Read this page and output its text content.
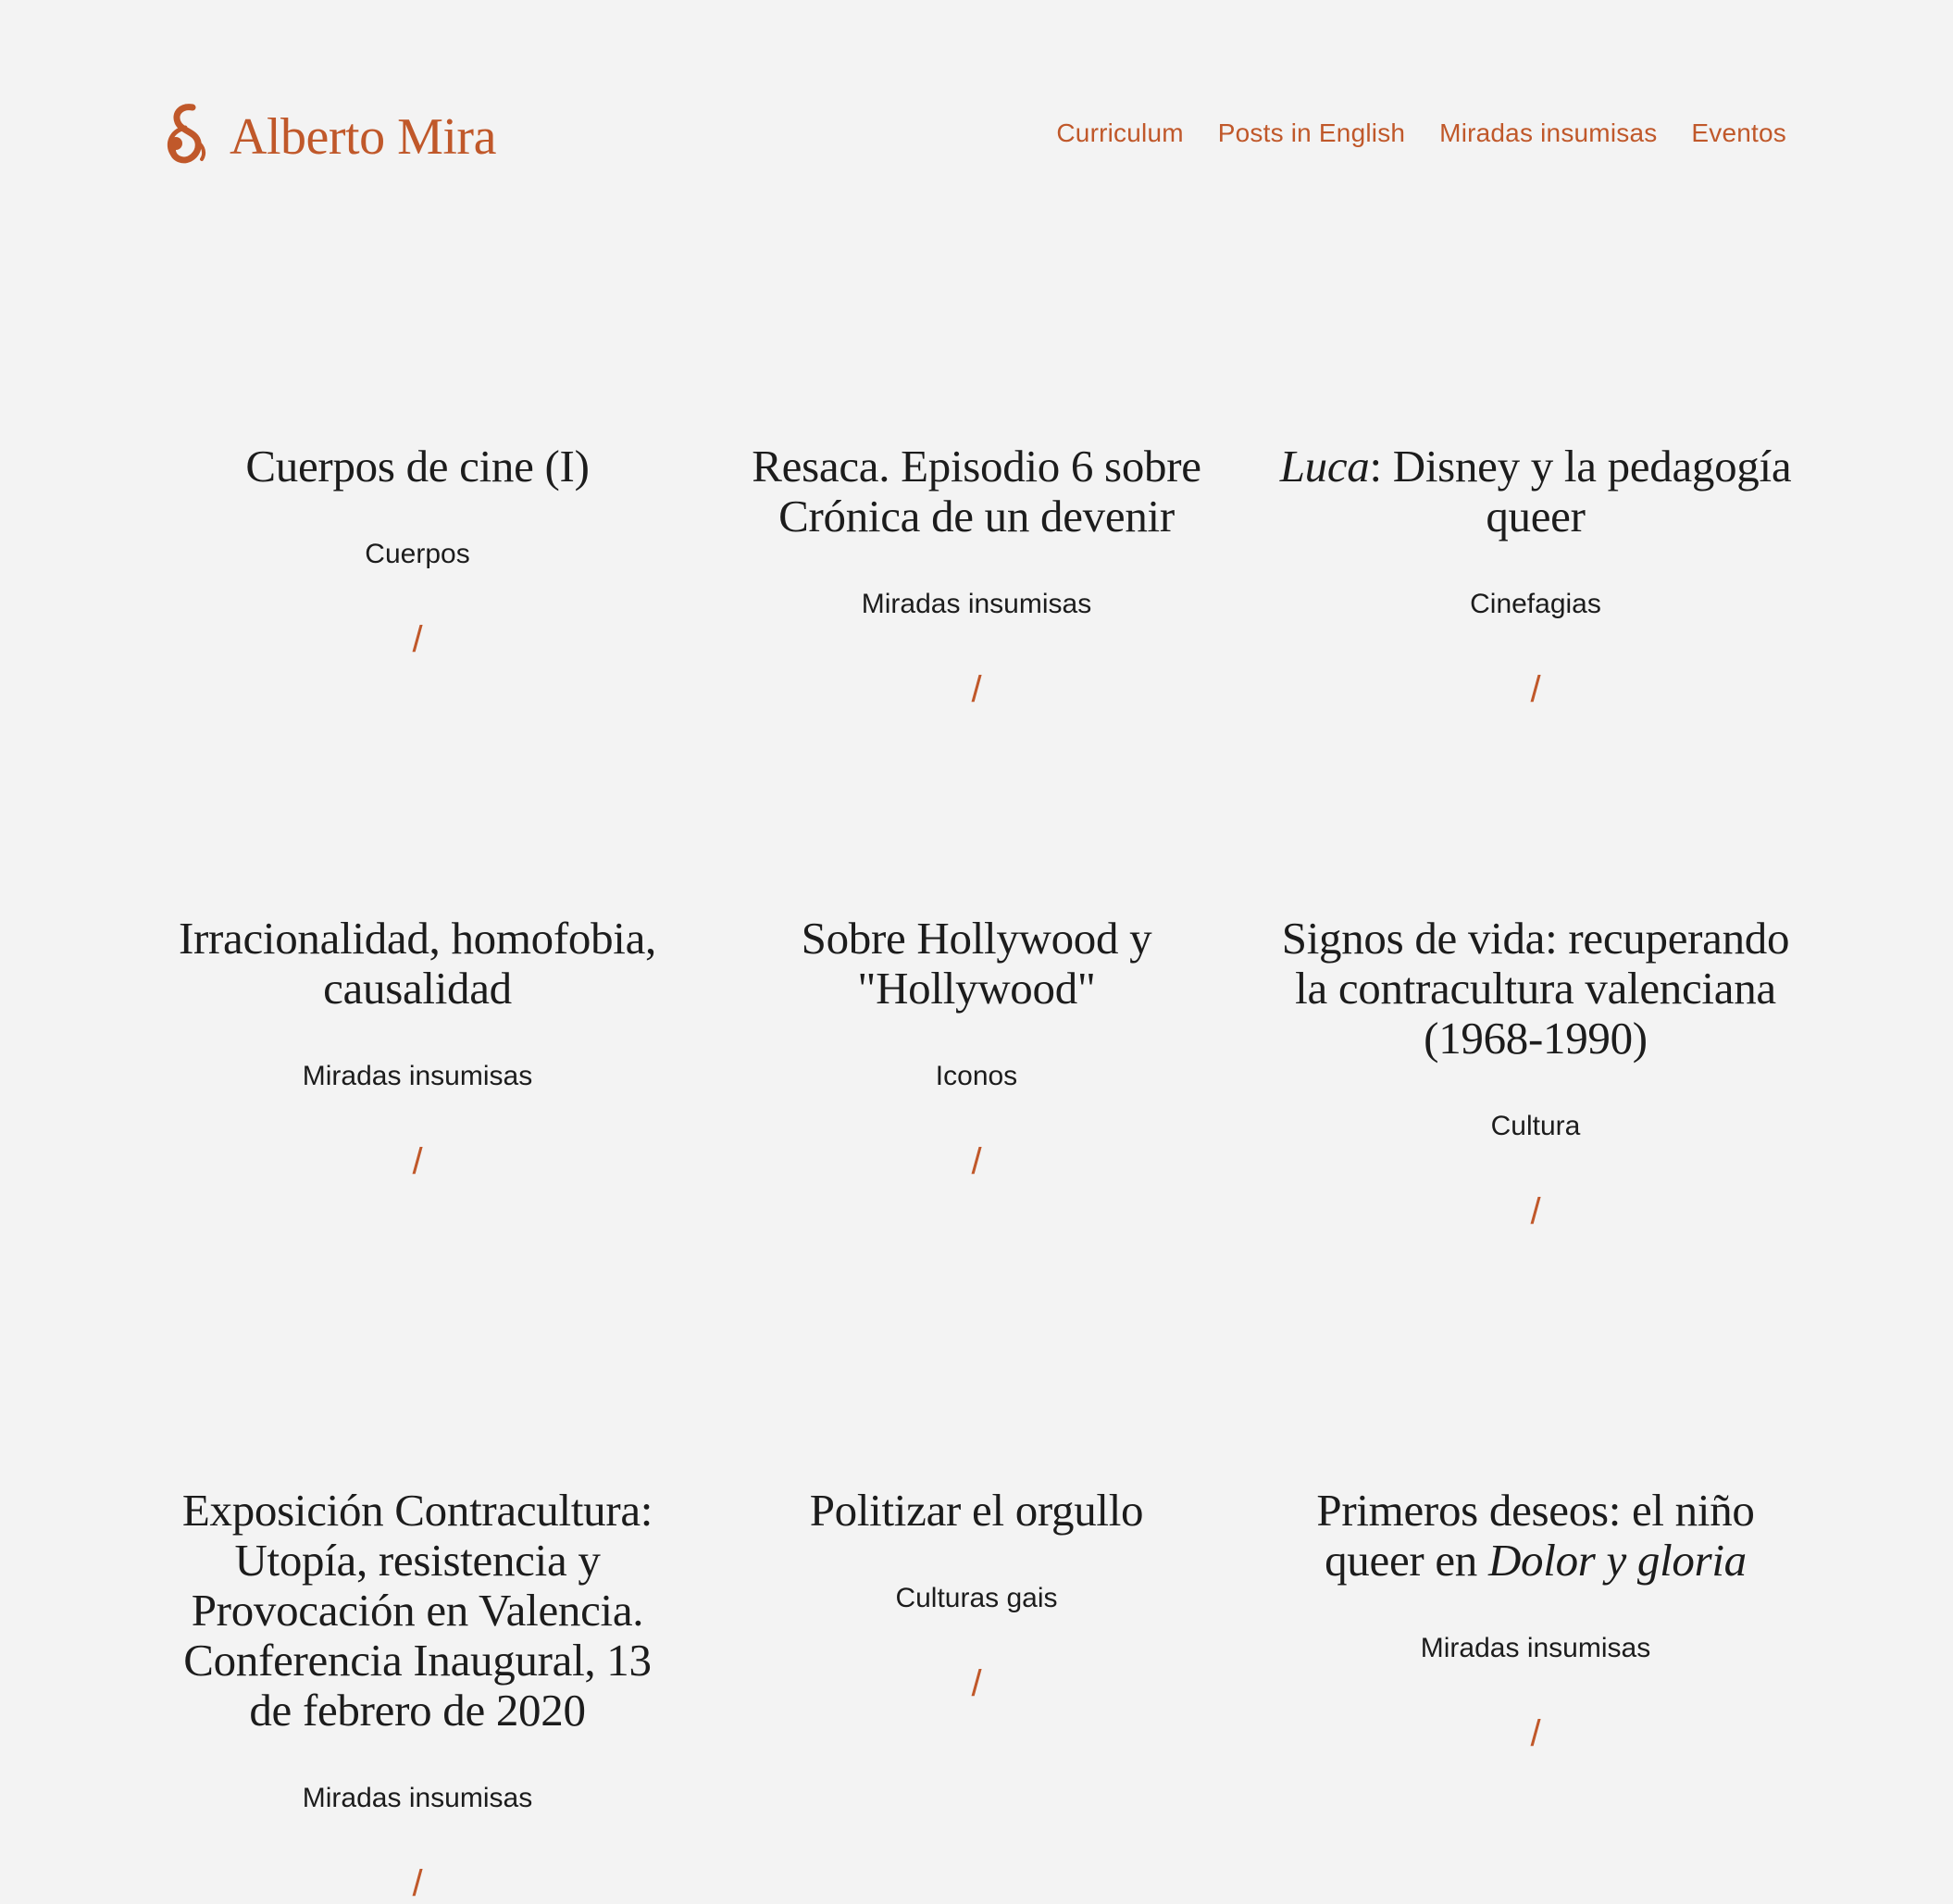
Alberto Mira	Curriculum Posts in English Miradas insumisas Eventos
Cuerpos de cine (I)
Cuerpos
/
Resaca. Episodio 6 sobre Crónica de un devenir
Miradas insumisas
/
Luca: Disney y la pedagogía queer
Cinefagias
/
Irracionalidad, homofobia, causalidad
Miradas insumisas
/
Sobre Hollywood y "Hollywood"
Iconos
/
Signos de vida: recuperando la contracultura valenciana (1968-1990)
Cultura
/
Exposición Contracultura: Utopía, resistencia y Provocación en Valencia. Conferencia Inaugural, 13 de febrero de 2020
Miradas insumisas
/
Politizar el orgullo
Culturas gais
/
Primeros deseos: el niño queer en Dolor y gloria
Miradas insumisas
/
